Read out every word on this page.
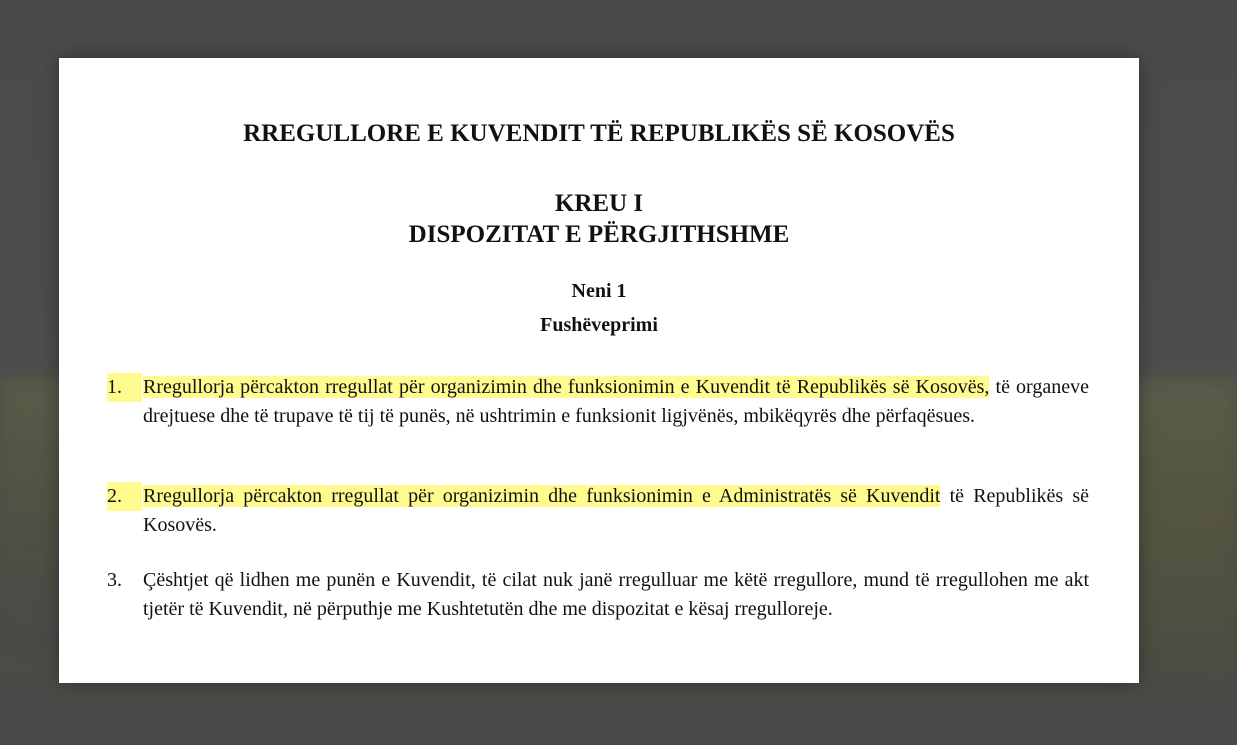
RREGULLORE E KUVENDIT TË REPUBLIKËS SË KOSOVËS
KREU I
DISPOZITAT E PËRGJITHSHME
Neni 1
Fushëveprimi
1.	Rregullorja përcakton rregullat për organizimin dhe funksionimin e Kuvendit të Republikës së Kosovës, të organeve drejtuese dhe të trupave të tij të punës, në ushtrimin e funksionit ligjvënës, mbikëqyrës dhe përfaqësues.
2.	Rregullorja përcakton rregullat për organizimin dhe funksionimin e Administratës së Kuvendit të Republikës së Kosovës.
3.	Çështjet që lidhen me punën e Kuvendit, të cilat nuk janë rregulluar me këtë rregullore, mund të rregullohen me akt tjetër të Kuvendit, në përputhje me Kushtetutën dhe me dispozitat e kësaj rregulloreje.
